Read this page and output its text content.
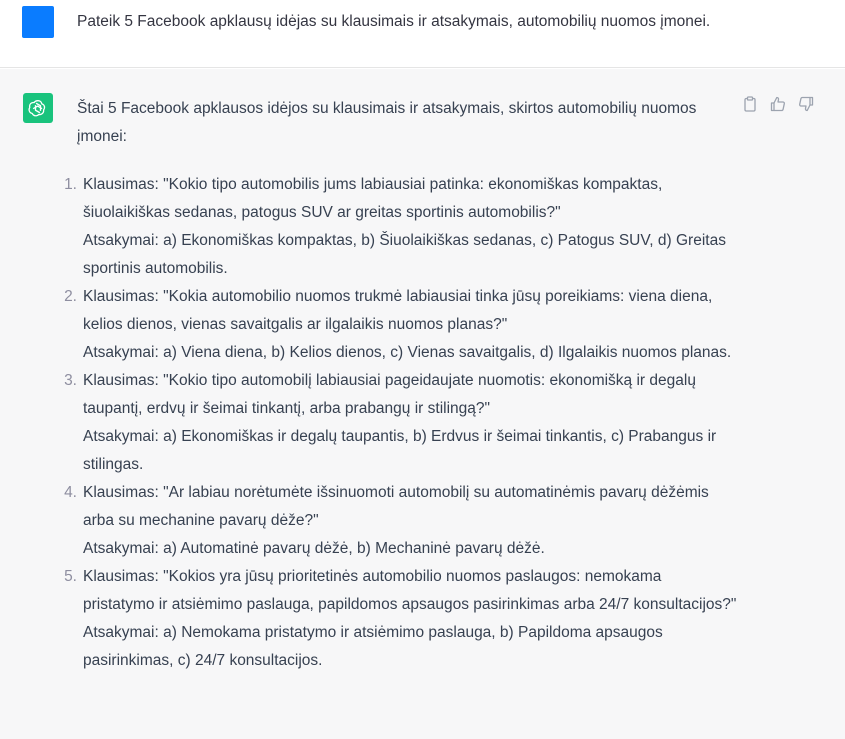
Pateik 5 Facebook apklausų idėjas su klausimais ir atsakymais, automobilių nuomos įmonei.

Štai 5 Facebook apklausos idėjos su klausimais ir atsakymais, skirtos automobilių nuomos įmonei:

1. Klausimas: "Kokio tipo automobilis jums labiausiai patinka: ekonomiškas kompaktas, šiuolaikiškas sedanas, patogus SUV ar greitas sportinis automobilis?"
Atsakymai: a) Ekonomiškas kompaktas, b) Šiuolaikiškas sedanas, c) Patogus SUV, d) Greitas sportinis automobilis.
2. Klausimas: "Kokia automobilio nuomos trukmė labiausiai tinka jūsų poreikiams: viena diena, kelios dienos, vienas savaitgalis ar ilgalaikis nuomos planas?"
Atsakymai: a) Viena diena, b) Kelios dienos, c) Vienas savaitgalis, d) Ilgalaikis nuomos planas.
3. Klausimas: "Kokio tipo automobilį labiausiai pageidaujate nuomotis: ekonomišką ir degalų taupantį, erdvų ir šeimai tinkantį, arba prabangų ir stilingą?"
Atsakymai: a) Ekonomiškas ir degalų taupantis, b) Erdvus ir šeimai tinkantis, c) Prabangus ir stilingas.
4. Klausimas: "Ar labiau norėtumėte išsinuomoti automobilį su automatinėmis pavarų dėžėmis arba su mechanine pavarų dėže?"
Atsakymai: a) Automatinė pavarų dėžė, b) Mechaninė pavarų dėžė.
5. Klausimas: "Kokios yra jūsų prioritetinės automobilio nuomos paslaugos: nemokama pristatymo ir atsiėmimo paslauga, papildomos apsaugos pasirinkimas arba 24/7 konsultacijos?"
Atsakymai: a) Nemokama pristatymo ir atsiėmimo paslauga, b) Papildoma apsaugos pasirinkimas, c) 24/7 konsultacijos.
